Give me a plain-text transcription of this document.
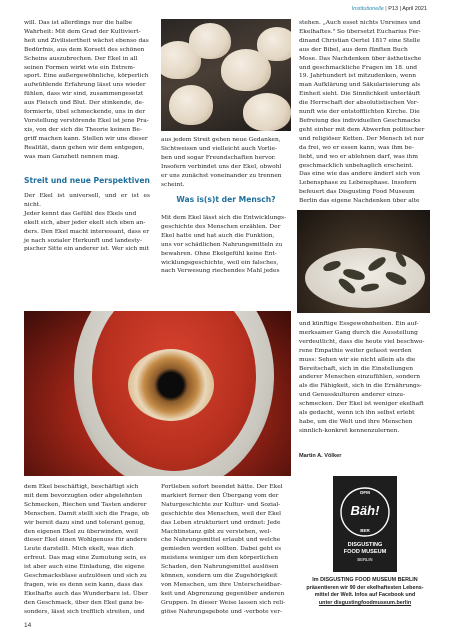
Institutionelle | P13 | April 2021

will. Das ist allerdings nur die halbe

Wahrheit: Mit dem Grad der Kultiviert-

heit und Zivilisiertheit wächst ebenso das

Bedürfnis, aus dem Korsett des schönen

Scheins auszubrechen. Der Ekel in all

seinen Formen wirkt wie ein Extrem-

sport. Eine außergewöhnliche, körperlich

aufwühlende Erfahrung lässt uns wieder

fühlen, dass wir sind, zusammengesetzt

aus Fleisch und Blut. Der stinkende, de-

formierte, übel schmeckende, uns in der

Vorstellung verstörende Ekel ist jene Pra-

xis, von der sich die Theorie keinen Be-

griff machen kann. Stellen wir uns dieser

Realität, dann gehen wir dem entgegen,

was man Ganzheit nennen mag.

Streit und neue Perspektiven

Der Ekel ist universell, und er ist es nicht.

Jeder kennt das Gefühl des Ekels und

ekelt sich, aber jeder ekelt sich eben an-

ders. Den Ekel macht interessant, dass er

je nach sozialer Herkunft und landesty-

pischer Sitte ein anderer ist. Wer sich mit

aus jedem Streit gehen neue Gedanken,

Sichtweisen und vielleicht auch Vorlie-

ben und sogar Freundschaften hervor.

Insofern verbindet uns der Ekel, obwohl

er uns zunächst voneinander zu trennen

scheint.

Was is(s)t der Mensch?

Mit dem Ekel lässt sich die Entwicklungs-

geschichte des Menschen erzählen. Der

Ekel hatte und hat auch die Funktion,

uns vor schädlichen Nahrungsmitteln zu

bewahren. Ohne Ekelgefühl keine Ent-

wicklungsgeschichte, weil ein falsches,

nach Verwesung riechendes Mahl jedes

stehen. „Auch esset nichts Unreines und

Ekelhaftes." So übersetzt Eucharius Fer-

dinand Christian Oertel 1817 eine Stelle

aus der Bibel, aus dem fünften Buch

Mose. Das Nachdenken über ästhetische

und geschmackliche Fragen im 18. und

19. Jahrhundert ist mitzudenken, wenn

man Aufklärung und Säkularisierung als

Einheit sieht. Die Sinnlichkeit unterläuft

die Herrschaft der absolutistischen Ver-

nunft wie der entstofflichten Kirche. Die

Befreiung des individuellen Geschmacks

geht einher mit dem Abwerfen politischer

und religiöser Ketten. Der Mensch ist nur

da frei, wo er essen kann, was ihm be-

liebt, und wo er ablehnen darf, was ihm

geschmacklich unbehaglich erscheint.

Das eine wie das andere ändert sich von

Lebensphase zu Lebensphase. Insofern

befeuert das Disgusting Food Museum

Berlin das eigene Nachdenken über alte

und künftige Essgewohnheiten. Ein auf-

merksamer Gang durch die Ausstellung

verdeutlicht, dass die heute viel beschwo-

rene Empathie weiter gefasst werden

muss: Sehen wir sie nicht allein als die

Bereitschaft, sich in die Einstellungen

anderer Menschen einzufühlen, sondern

als die Fähigkeit, sich in die Ernährungs-

und Genusskulturen anderer einzu-

schmecken. Der Ekel ist weniger ekelhaft

als gedacht, wenn ich ihn selbst erlebt

habe, um die Welt und ihre Menschen

sinnlich-konkret kennenzulernen.

Martin A. Völker

dem Ekel beschäftigt, beschäftigt sich

mit dem bevorzugten oder abgelehnten

Schmecken, Riechen und Tasten anderer

Menschen. Damit stellt sich die Frage, ob

wir bereit dazu sind und tolerant genug,

den eigenen Ekel zu überwinden, weil

dieser Ekel einen Wohlgenuss für andere

Leute darstellt. Mich ekelt, was dich

erfreut. Das mag eine Zumutung sein, es

ist aber auch eine Einladung, die eigene

Geschmacksblase aufzulösen und sich zu

fragen, wie es denn sein kann, dass das

Ekelhafte auch das Wunderbare ist. Über

den Geschmack, über den Ekel ganz be-

sonders, lässt sich trefflich streiten, und

Fortleben sofort beendet hätte. Der Ekel

markiert ferner den Übergang vom der

Naturgeschichte zur Kultur- und Sozial-

geschichte des Menschen, weil der Ekel

das Leben strukturiert und ordnet: Jede

Machtinstanz gibt zu verstehen, wel-

che Nahrungsmittel erlaubt und welche

gemieden werden sollten. Dabei geht es

meistens weniger um den körperlichen

Schaden, den Nahrungsmittel auslösen

können, sondern um die Zugehörigkeit

von Menschen, um ihre Unterscheidbar-

keit und Abgrenzung gegenüber anderen

Gruppen. In dieser Weise lassen sich reli-

giöse Nahrungsgebote und -verbote ver-

DFM
Bäh!
BER
DISGUSTING
FOOD MUSEUM
BERLIN
Im DISGUSTING FOOD MUSEUM BERLIN
präsentieren wir 90 der ekelhaftesten Lebens-
mittel der Welt. Infos auf Facebook und
unter disgustingfoodmuseum.berlin
14
